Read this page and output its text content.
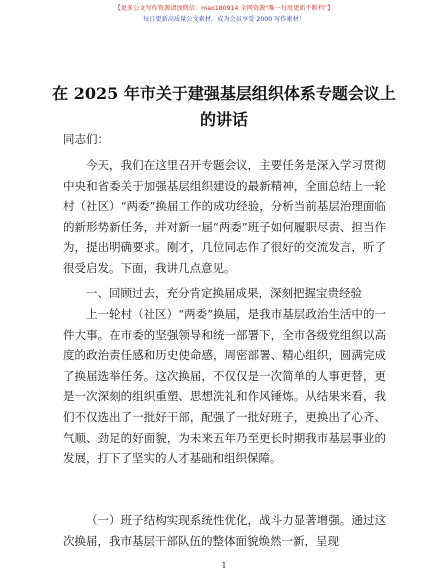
【更多公文写作资源请加微信：mao180914 全网资源“唯一每周更新不断档”】
每日更新高质量公文素材，成为会员享受 2000 写作素材！
在 2025 年市关于建强基层组织体系专题会议上的讲话
同志们：

今天，我们在这里召开专题会议，主要任务是深入学习贯彻中央和省委关于加强基层组织建设的最新精神，全面总结上一轮村（社区）“两委”换届工作的成功经验，分析当前基层治理面临的新形势新任务，并对新一届“两委”班子如何履职尽责、担当作为，提出明确要求。刚才，几位同志作了很好的交流发言，听了很受启发。下面，我讲几点意见。

一、回顾过去，充分肯定换届成果，深刻把握宝贵经验

上一轮村（社区）“两委”换届，是我市基层政治生活中的一件大事。在市委的坚强领导和统一部署下，全市各级党组织以高度的政治责任感和历史使命感，周密部署、精心组织，圆满完成了换届选举任务。这次换届，不仅仅是一次简单的人事更替，更是一次深刻的组织重塑、思想洗礼和作风锤炼。从结果来看，我们不仅选出了一批好干部，配强了一批好班子，更换出了心齐、气顺、劲足的好面貌，为未来五年乃至更长时期我市基层事业的发展，打下了坚实的人才基础和组织保障。

（一）班子结构实现系统性优化，战斗力显著增强。通过这次换届，我市基层干部队伍的整体面貌焕然一新，呈现

1
